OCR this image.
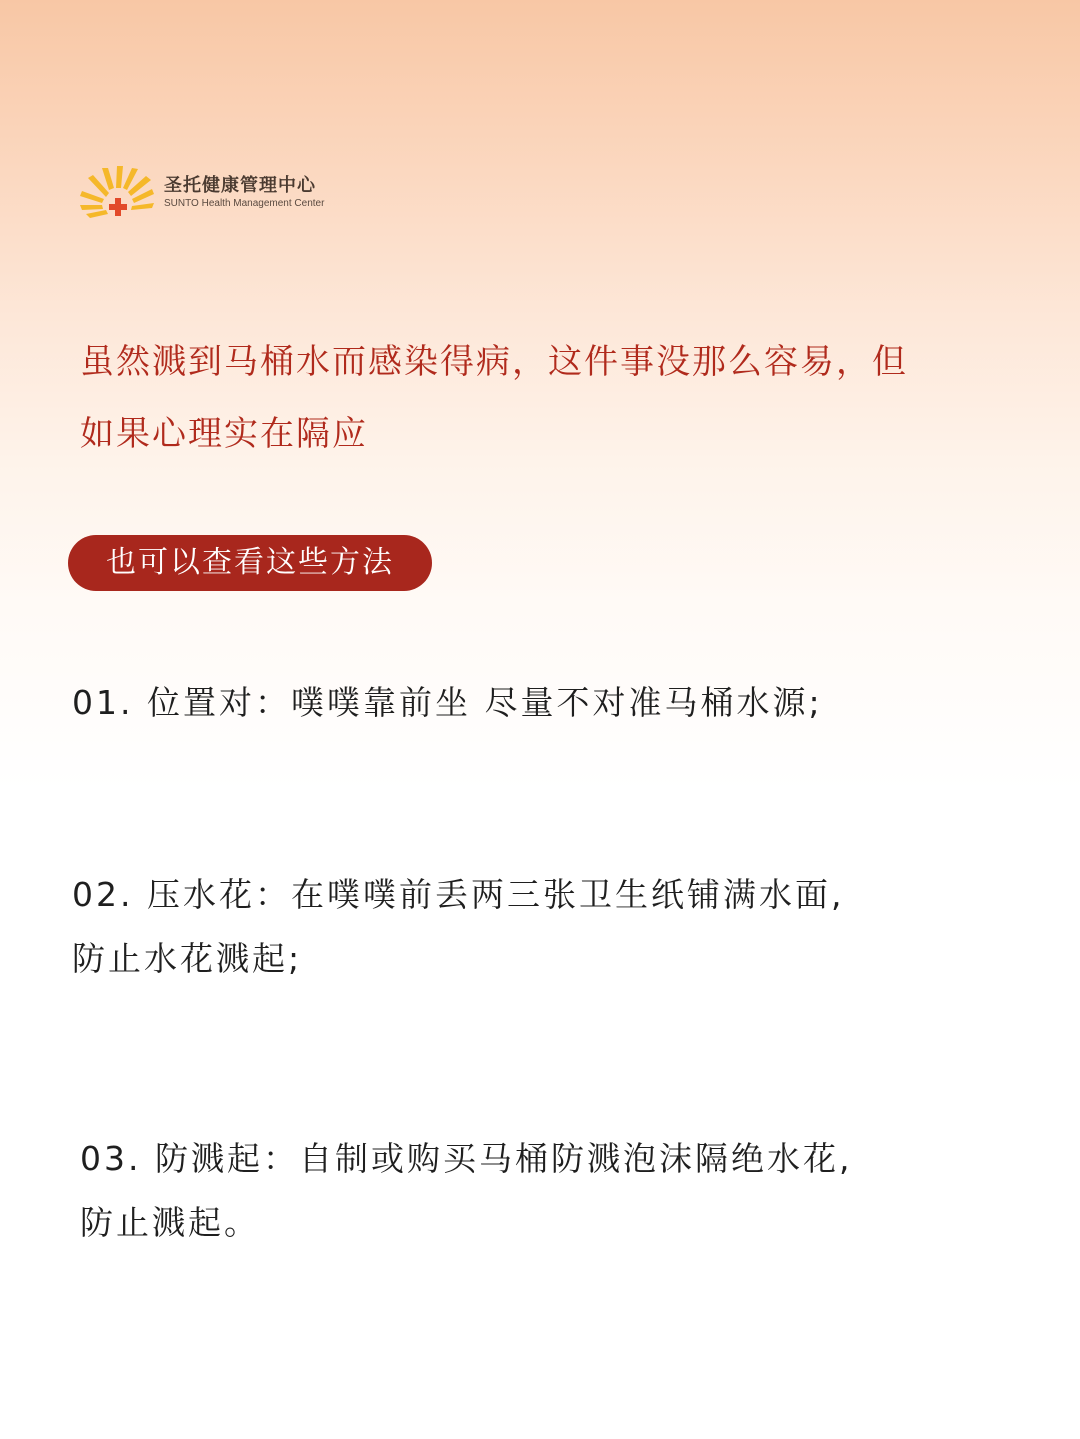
圣托健康管理中心
SUNTO Health Management Center

虽然溅到马桶水而感染得病，这件事没那么容易，但
如果心理实在隔应

也可以查看这些方法

01. 位置对：噗噗靠前坐 尽量不对准马桶水源;

02. 压水花：在噗噗前丢两三张卫生纸铺满水面,
防止水花溅起;

03. 防溅起：自制或购买马桶防溅泡沫隔绝水花,
防止溅起。
